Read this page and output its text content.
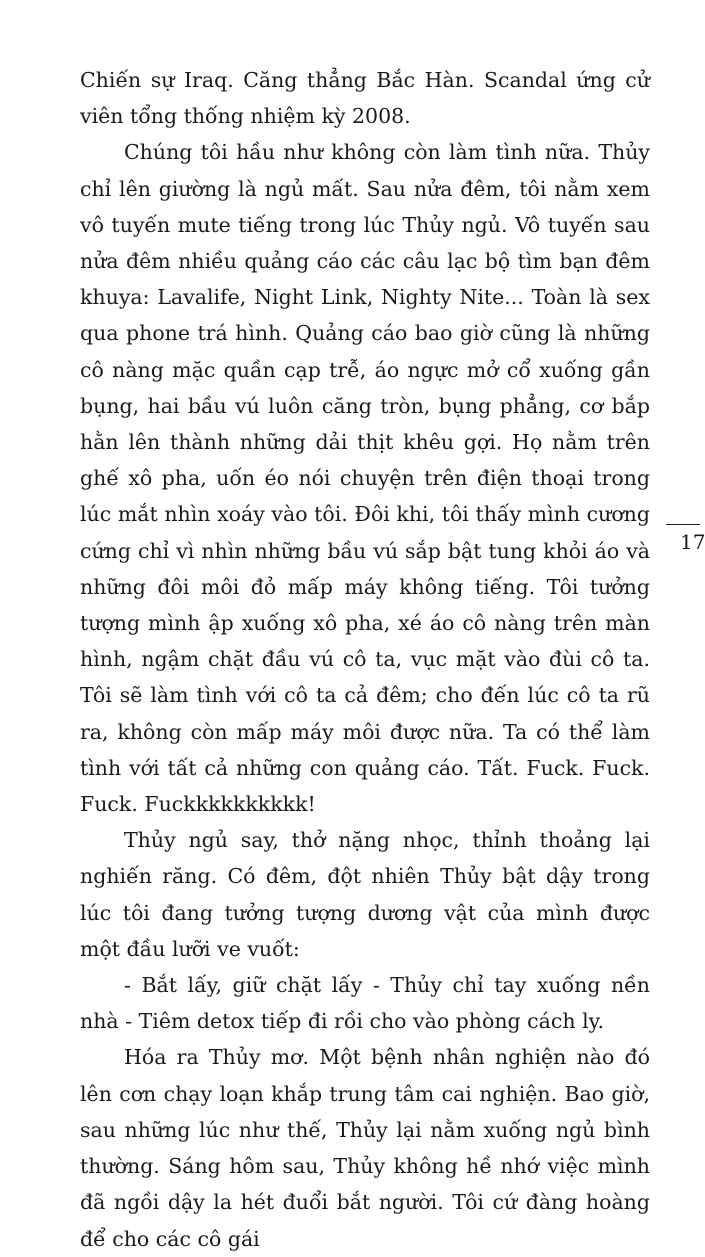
Chiến sự Iraq. Căng thẳng Bắc Hàn. Scandal ứng cử viên tổng thống nhiệm kỳ 2008.

Chúng tôi hầu như không còn làm tình nữa. Thủy chỉ lên giường là ngủ mất. Sau nửa đêm, tôi nằm xem vô tuyến mute tiếng trong lúc Thủy ngủ. Vô tuyến sau nửa đêm nhiều quảng cáo các câu lạc bộ tìm bạn đêm khuya: Lavalife, Night Link, Nighty Nite... Toàn là sex qua phone trá hình. Quảng cáo bao giờ cũng là những cô nàng mặc quần cạp trễ, áo ngực mở cổ xuống gần bụng, hai bầu vú luôn căng tròn, bụng phẳng, cơ bắp hằn lên thành những dải thịt khêu gợi. Họ nằm trên ghế xô pha, uốn éo nói chuyện trên điện thoại trong lúc mắt nhìn xoáy vào tôi. Đôi khi, tôi thấy mình cương cứng chỉ vì nhìn những bầu vú sắp bật tung khỏi áo và những đôi môi đỏ mấp máy không tiếng. Tôi tưởng tượng mình ập xuống xô pha, xé áo cô nàng trên màn hình, ngậm chặt đầu vú cô ta, vục mặt vào đùi cô ta. Tôi sẽ làm tình với cô ta cả đêm; cho đến lúc cô ta rũ ra, không còn mấp máy môi được nữa. Ta có thể làm tình với tất cả những con quảng cáo. Tất. Fuck. Fuck. Fuck. Fuckkkkkkkkkk!

Thủy ngủ say, thở nặng nhọc, thỉnh thoảng lại nghiến răng. Có đêm, đột nhiên Thủy bật dậy trong lúc tôi đang tưởng tượng dương vật của mình được một đầu lưỡi ve vuốt:

- Bắt lấy, giữ chặt lấy - Thủy chỉ tay xuống nền nhà - Tiêm detox tiếp đi rồi cho vào phòng cách ly.

Hóa ra Thủy mơ. Một bệnh nhân nghiện nào đó lên cơn chạy loạn khắp trung tâm cai nghiện. Bao giờ, sau những lúc như thế, Thủy lại nằm xuống ngủ bình thường. Sáng hôm sau, Thủy không hề nhớ việc mình đã ngồi dậy la hét đuổi bắt người. Tôi cứ đàng hoàng để cho các cô gái

17
